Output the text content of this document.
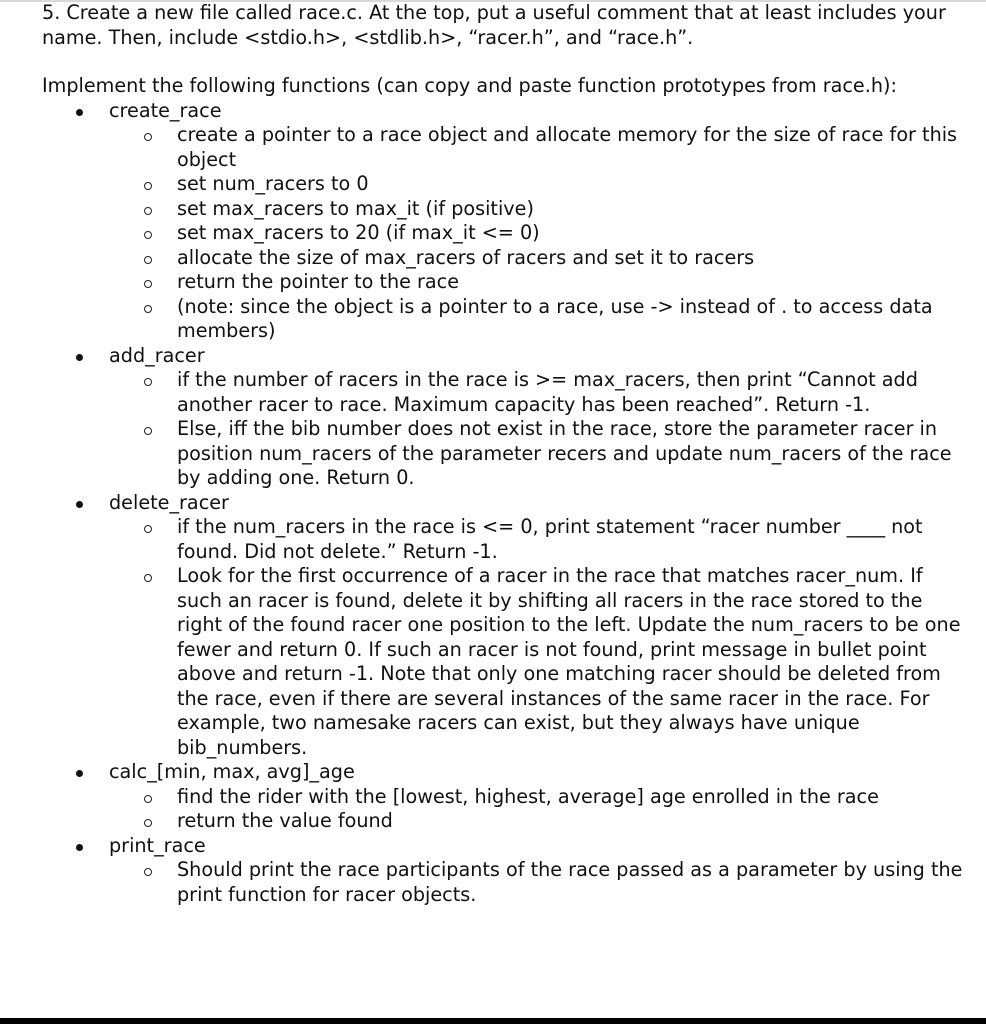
5. Create a new file called race.c. At the top, put a useful comment that at least includes your name. Then, include <stdio.h>, <stdlib.h>, “racer.h”, and “race.h”.

Implement the following functions (can copy and paste function prototypes from race.h):

create_race
create a pointer to a race object and allocate memory for the size of race for this object
set num_racers to 0
set max_racers to max_it (if positive)
set max_racers to 20 (if max_it <= 0)
allocate the size of max_racers of racers and set it to racers
return the pointer to the race
(note: since the object is a pointer to a race, use -> instead of . to access data members)
add_racer
if the number of racers in the race is >= max_racers, then print “Cannot add another racer to race. Maximum capacity has been reached”. Return -1.
Else, iff the bib number does not exist in the race, store the parameter racer in position num_racers of the parameter recers and update num_racers of the race by adding one. Return 0.
delete_racer
if the num_racers in the race is <= 0, print statement “racer number ____ not found. Did not delete.” Return -1.
Look for the first occurrence of a racer in the race that matches racer_num. If such an racer is found, delete it by shifting all racers in the race stored to the right of the found racer one position to the left. Update the num_racers to be one fewer and return 0. If such an racer is not found, print message in bullet point above and return -1. Note that only one matching racer should be deleted from the race, even if there are several instances of the same racer in the race. For example, two namesake racers can exist, but they always have unique bib_numbers.
calc_[min, max, avg]_age
find the rider with the [lowest, highest, average] age enrolled in the race
return the value found
print_race
Should print the race participants of the race passed as a parameter by using the print function for racer objects.
